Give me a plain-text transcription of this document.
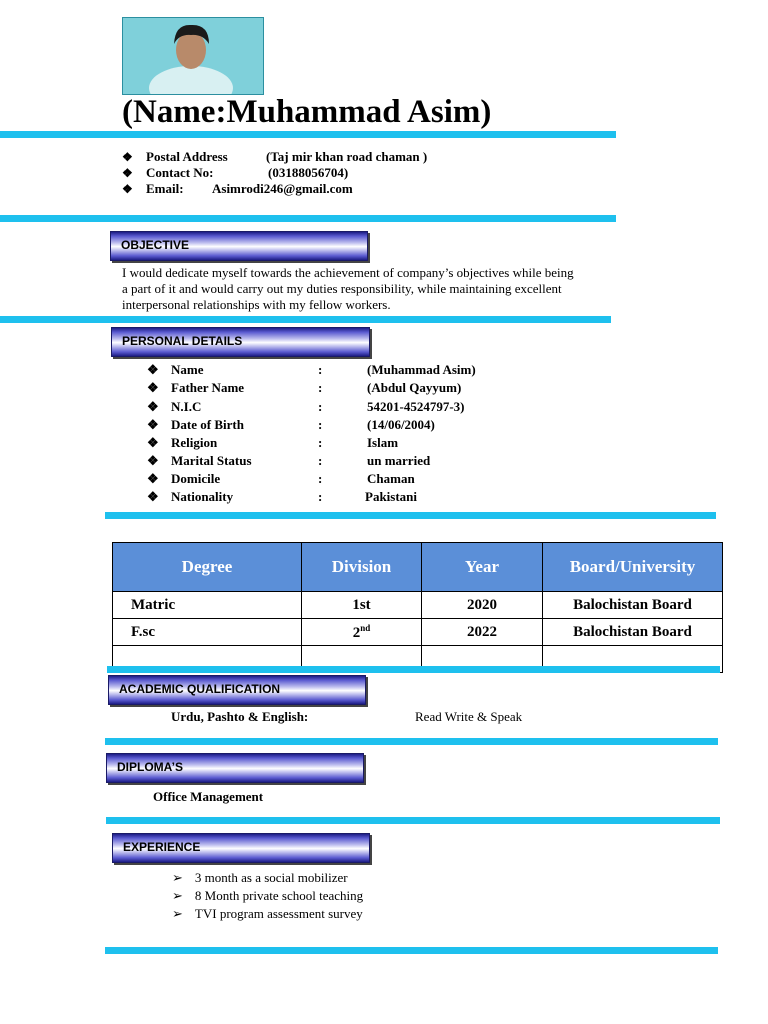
(Name:Muhammad Asim)
❖ Postal Address	(Taj mir khan road chaman )
❖ Contact No:	(03188056704)
❖ Email: Asimrodi246@gmail.com
OBJECTIVE
I would dedicate myself towards the achievement of company’s objectives while being
a part of it and would carry out my duties responsibility, while maintaining excellent
interpersonal relationships with my fellow workers.
PERSONAL DETAILS
❖ Name	:	(Muhammad Asim)
❖ Father Name	:	(Abdul Qayyum)
❖ N.I.C	:	54201-4524797-3)
❖ Date of Birth	:	(14/06/2004)
❖ Religion	:	Islam
❖ Marital Status	:	un married
❖ Domicile	:	Chaman
❖ Nationality	:	Pakistani
Degree	Division	Year	Board/University
Matric	1st	2020	Balochistan Board
F.sc	2nd	2022	Balochistan Board

ACADEMIC QUALIFICATION
Urdu, Pashto & English:	Read Write & Speak
DIPLOMA’S
Office Management
EXPERIENCE
➢ 3 month as a social mobilizer
➢ 8 Month private school teaching
➢ TVI program assessment survey
